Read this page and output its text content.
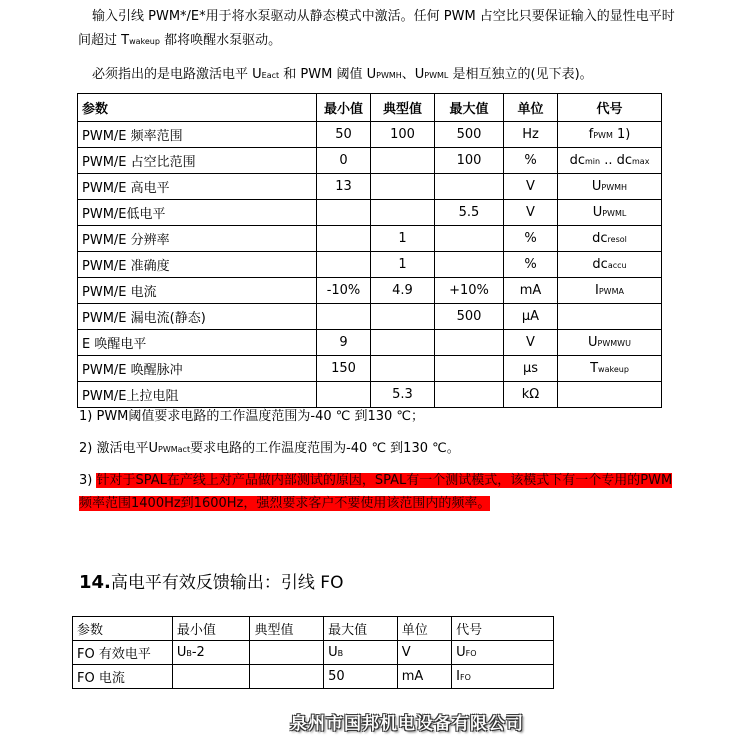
输入引线 PWM*/E*用于将水泵驱动从静态模式中激活。任何 PWM 占空比只要保证输入的显性电平时
间超过 Twakeup 都将唤醒水泵驱动。
必须指出的是电路激活电平 UEact 和 PWM 阈值 UPWMH、UPWML 是相互独立的(见下表)。
参数	最小值	典型值	最大值	单位	代号
PWM/E 频率范围	50	100	500	Hz	fPWM 1)
PWM/E 占空比范围	0		100	%	dcmin .. dcmax
PWM/E 高电平	13			V	UPWMH
PWM/E低电平			5.5	V	UPWML
PWM/E 分辨率		1		%	dcresol
PWM/E 准确度		1		%	dcaccu
PWM/E 电流	-10%	4.9	+10%	mA	IPWMA
PWM/E 漏电流(静态)			500	μA	
E 唤醒电平	9			V	UPWMWU
PWM/E 唤醒脉冲	150			μs	Twakeup
PWM/E上拉电阻		5.3		kΩ	
1) PWM阈值要求电路的工作温度范围为-40 ℃ 到130 ℃；
2) 激活电平UPWMact要求电路的工作温度范围为-40 ℃ 到130 ℃。
3) 针对于SPAL在产线上对产品做内部测试的原因，SPAL有一个测试模式，该模式下有一个专用的PWM
频率范围1400Hz到1600Hz，强烈要求客户不要使用该范围内的频率。
14.高电平有效反馈输出：引线 FO
参数	最小值	典型值	最大值	单位	代号
FO 有效电平	UB-2		UB	V	UFO
FO 电流			50	mA	IFO
泉州市国邦机电设备有限公司
